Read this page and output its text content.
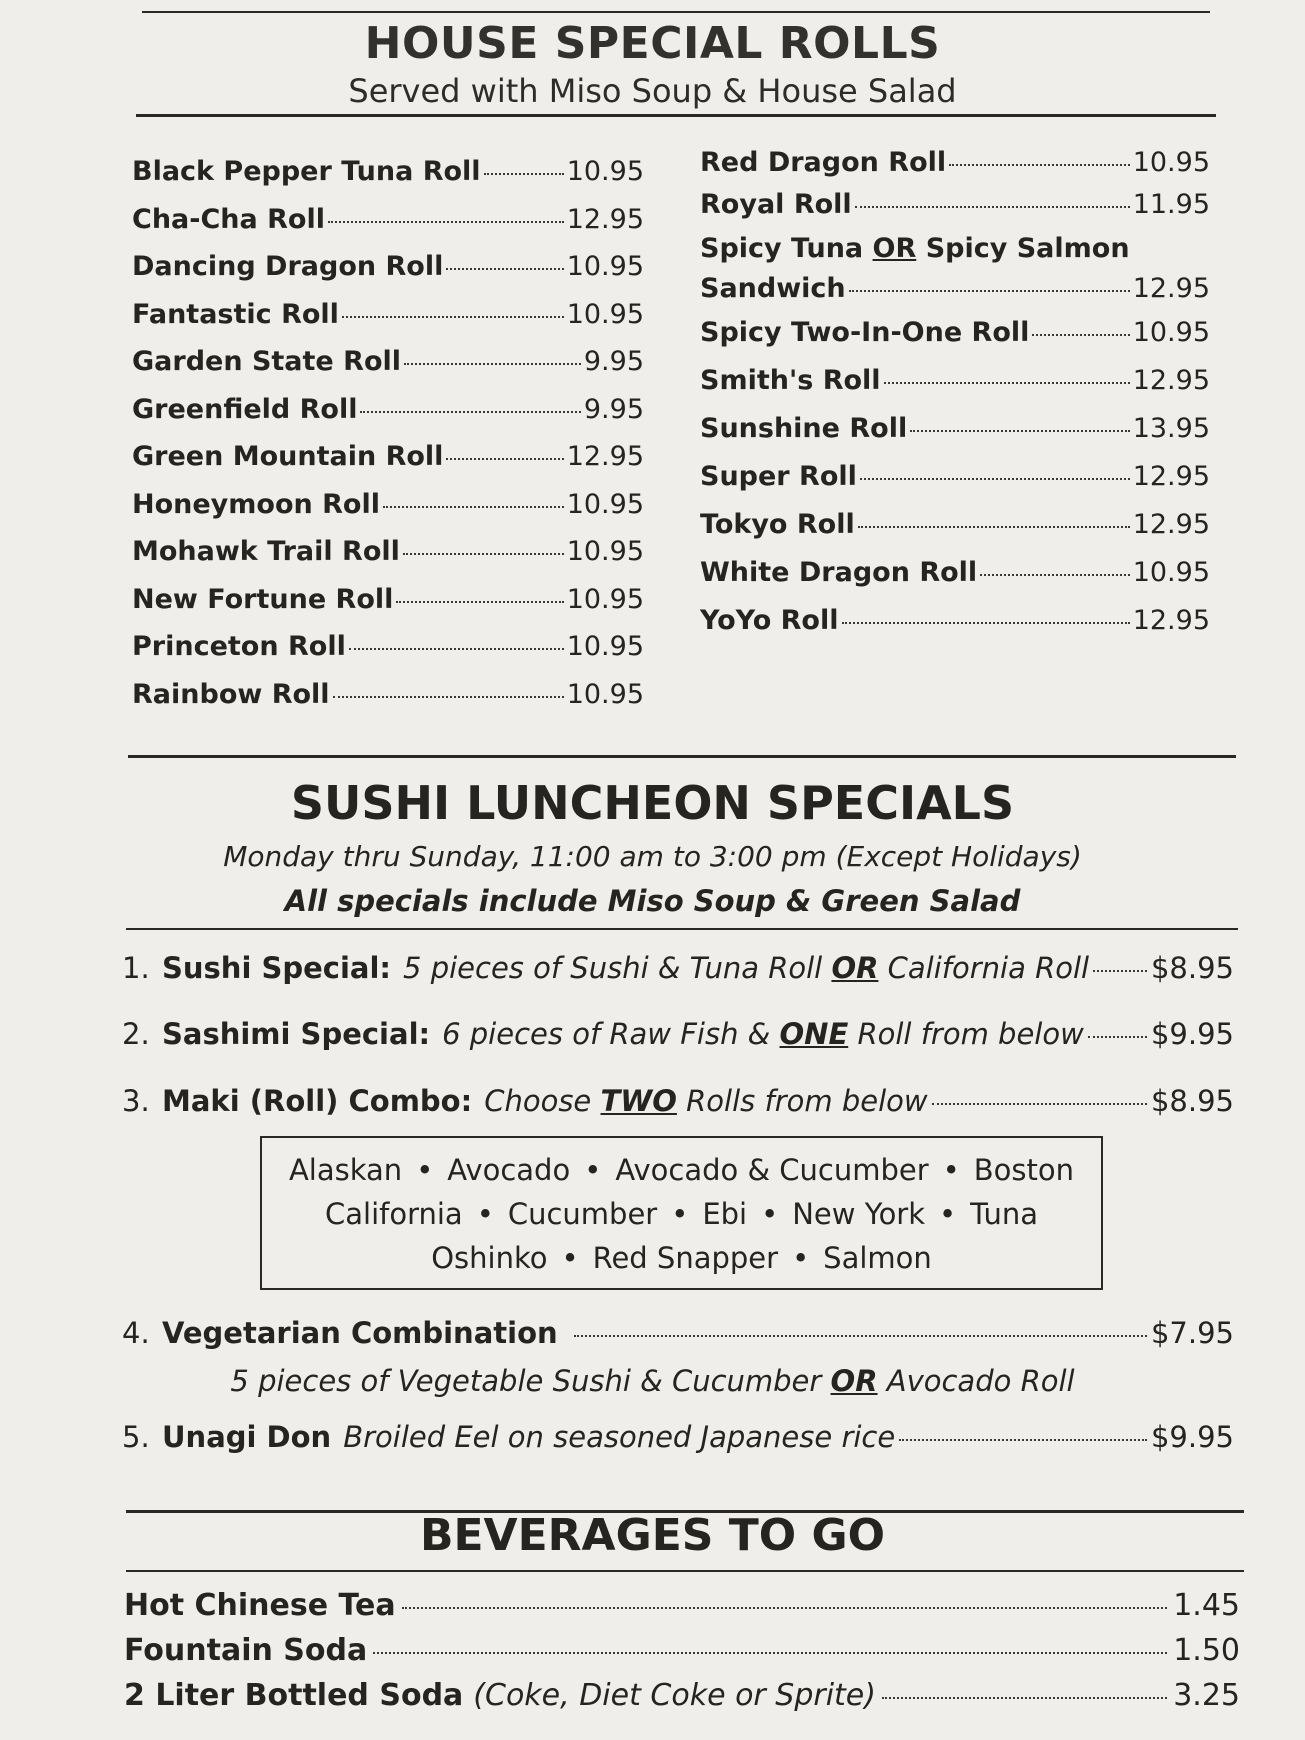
HOUSE SPECIAL ROLLS
Served with Miso Soup & House Salad
Black Pepper Tuna Roll	10.95
Cha-Cha Roll	12.95
Dancing Dragon Roll	10.95
Fantastic Roll	10.95
Garden State Roll	9.95
Greenfield Roll	9.95
Green Mountain Roll	12.95
Honeymoon Roll	10.95
Mohawk Trail Roll	10.95
New Fortune Roll	10.95
Princeton Roll	10.95
Rainbow Roll	10.95
Red Dragon Roll	10.95
Royal Roll	11.95
Spicy Tuna OR Spicy Salmon
Sandwich	12.95
Spicy Two-In-One Roll	10.95
Smith's Roll	12.95
Sunshine Roll	13.95
Super Roll	12.95
Tokyo Roll	12.95
White Dragon Roll	10.95
YoYo Roll	12.95
SUSHI LUNCHEON SPECIALS
Monday thru Sunday, 11:00 am to 3:00 pm (Except Holidays)
All specials include Miso Soup & Green Salad
1. Sushi Special: 5 pieces of Sushi & Tuna Roll OR California Roll $8.95
2. Sashimi Special: 6 pieces of Raw Fish & ONE Roll from below $9.95
3. Maki (Roll) Combo: Choose TWO Rolls from below	$8.95
Alaskan • Avocado • Avocado & Cucumber • Boston
California • Cucumber • Ebi • New York • Tuna
Oshinko • Red Snapper • Salmon
4. Vegetarian Combination	$7.95
5 pieces of Vegetable Sushi & Cucumber OR Avocado Roll
5. Unagi Don Broiled Eel on seasoned Japanese rice	$9.95
BEVERAGES TO GO
Hot Chinese Tea	1.45
Fountain Soda	1.50
2 Liter Bottled Soda (Coke, Diet Coke or Sprite)	3.25
